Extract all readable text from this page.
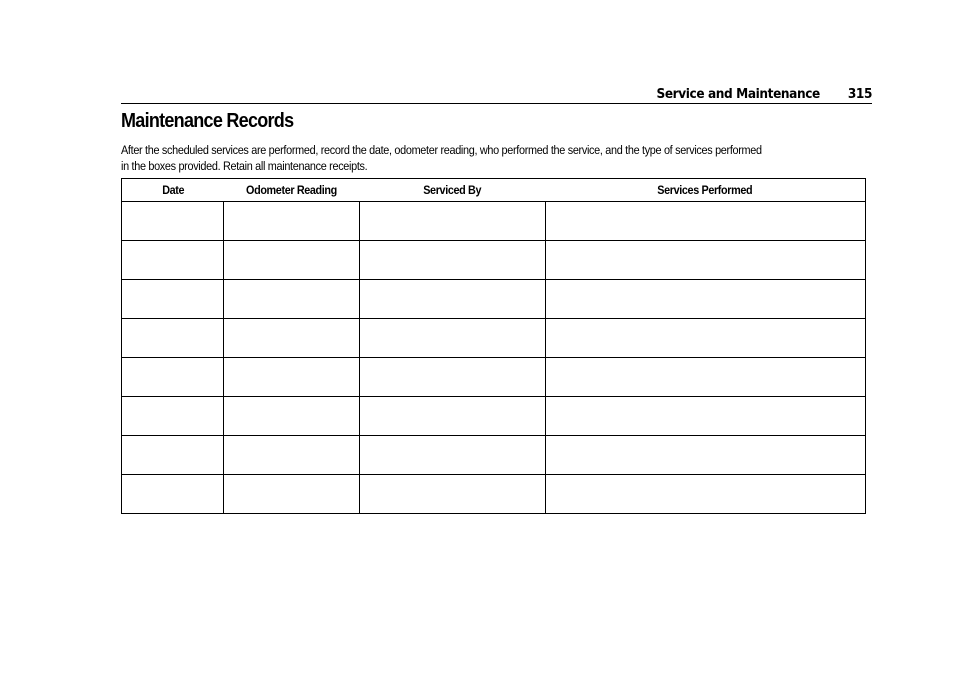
Service and Maintenance 315
Maintenance Records
After the scheduled services are performed, record the date, odometer reading, who performed the service, and the type of services performed
in the boxes provided. Retain all maintenance receipts.
Date	Odometer Reading	Serviced By	Services Performed
